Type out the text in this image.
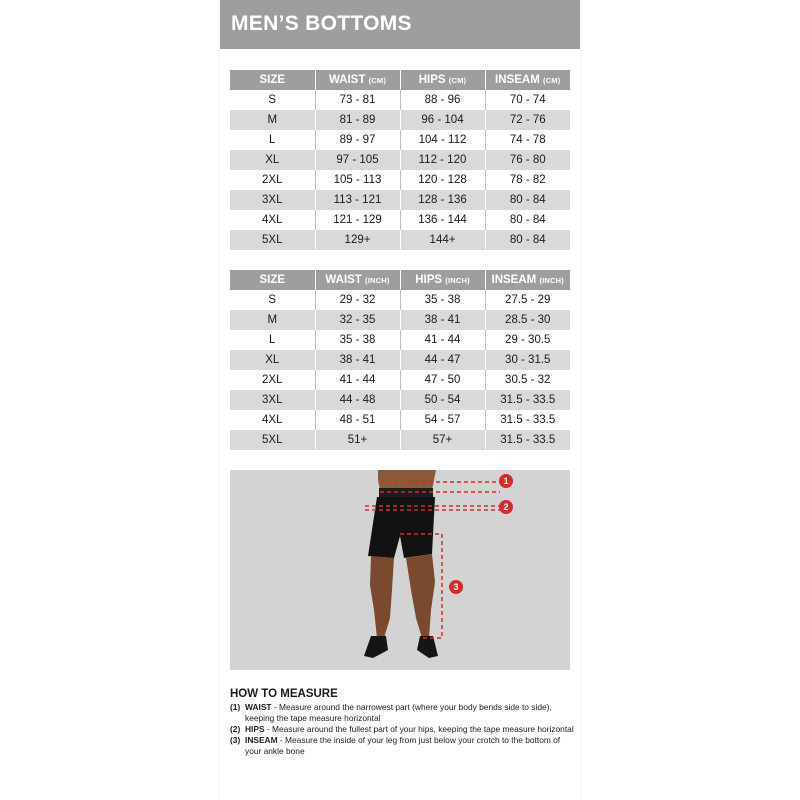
MEN’S BOTTOMS
SIZE	WAIST (CM)	HIPS (CM)	INSEAM (CM)
S	73 - 81	88 - 96	70 - 74
M	81 - 89	96 - 104	72 - 76
L	89 - 97	104 - 112	74 - 78
XL	97 - 105	112 - 120	76 - 80
2XL	105 - 113	120 - 128	78 - 82
3XL	113 - 121	128 - 136	80 - 84
4XL	121 - 129	136 - 144	80 - 84
5XL	129+	144+	80 - 84
SIZE	WAIST (INCH)	HIPS (INCH)	INSEAM (INCH)
S	29 - 32	35 - 38	27.5 - 29
M	32 - 35	38 - 41	28.5 - 30
L	35 - 38	41 - 44	29 - 30.5
XL	38 - 41	44 - 47	30 - 31.5
2XL	41 - 44	47 - 50	30.5 - 32
3XL	44 - 48	50 - 54	31.5 - 33.5
4XL	48 - 51	54 - 57	31.5 - 33.5
5XL	51+	57+	31.5 - 33.5
1
2
3
HOW TO MEASURE
(1) WAIST - Measure around the narrowest part (where your body bends side to side), keeping the tape measure horizontal
(2) HIPS - Measure around the fullest part of your hips, keeping the tape measure horizontal
(3) INSEAM - Measure the inside of your leg from just below your crotch to the bottom of your ankle bone
